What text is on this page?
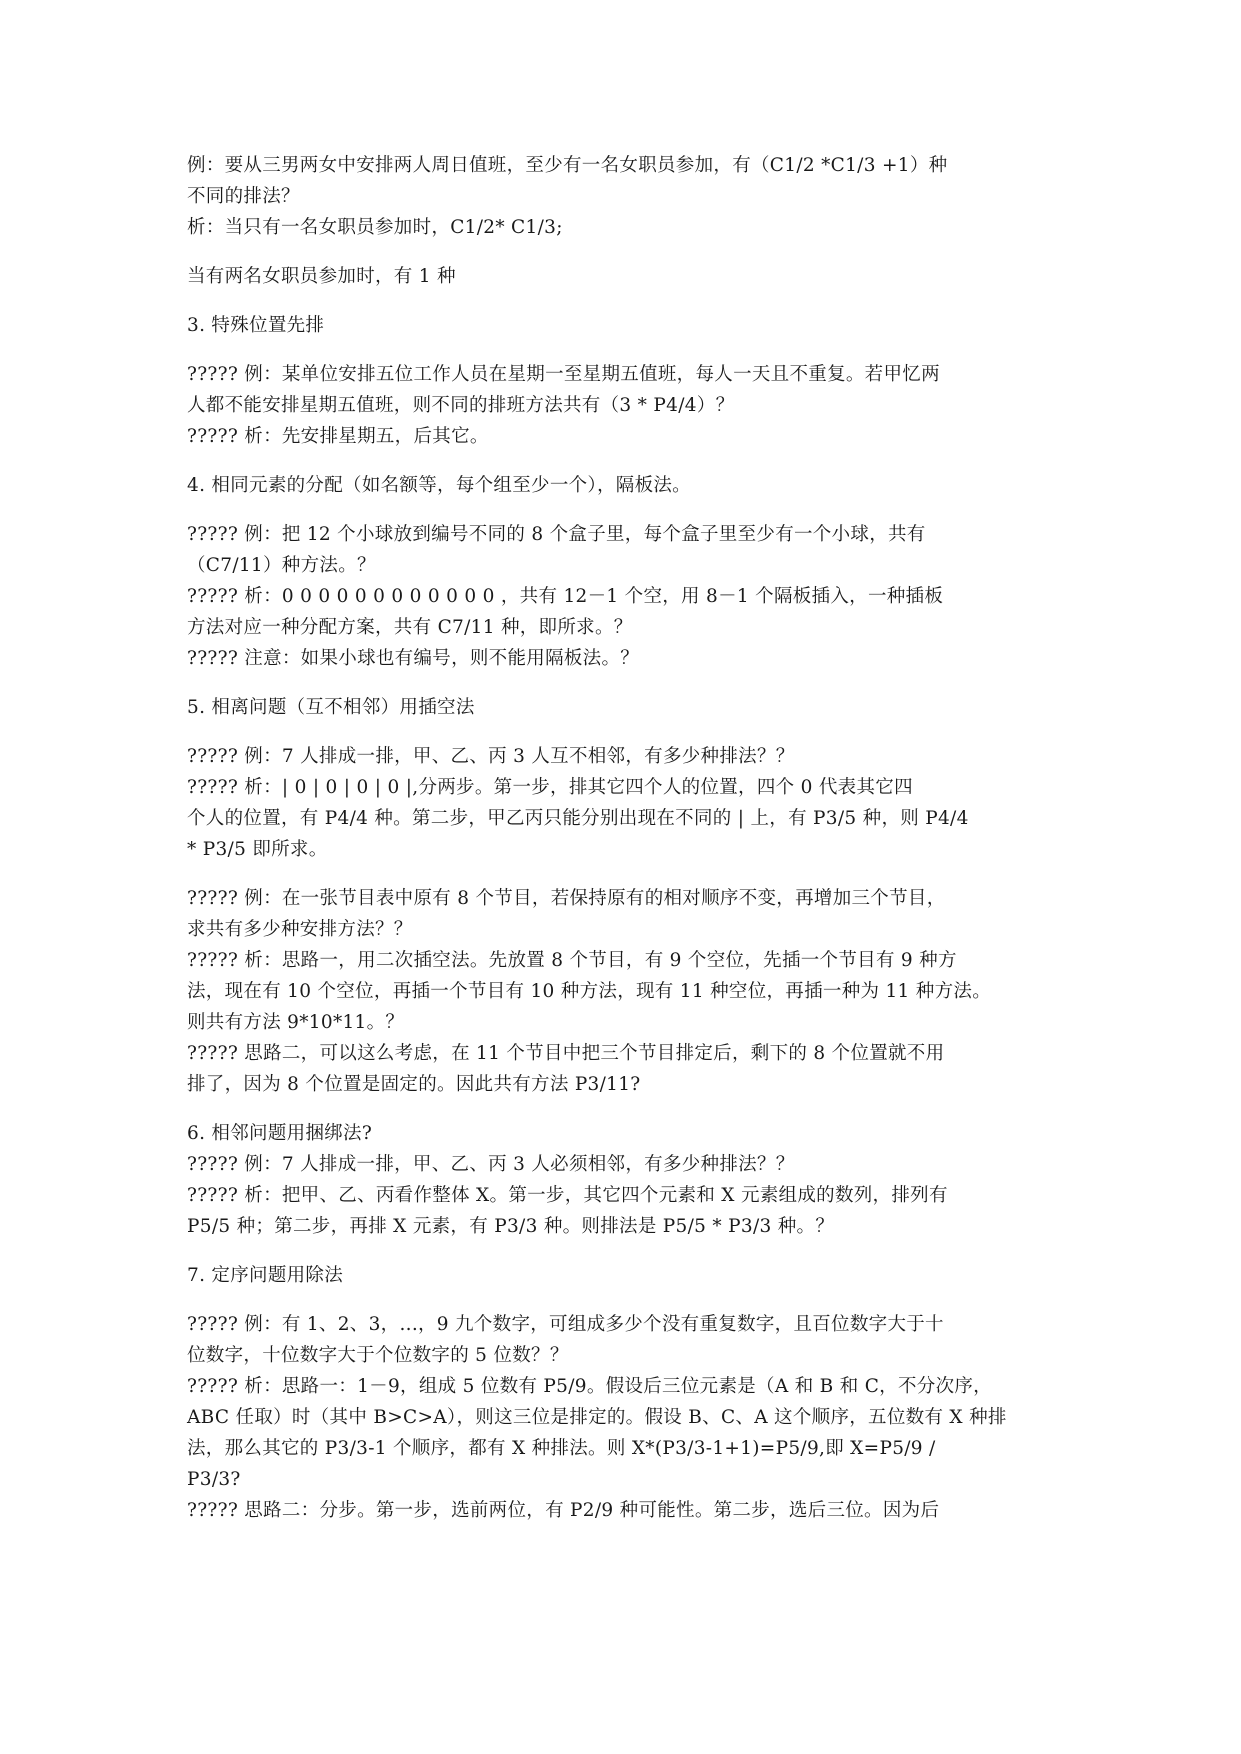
例：要从三男两女中安排两人周日值班，至少有一名女职员参加，有（C1/2 *C1/3 +1）种
不同的排法？
析：当只有一名女职员参加时，C1/2* C1/3;
当有两名女职员参加时，有 1 种
3. 特殊位置先排
????? 例：某单位安排五位工作人员在星期一至星期五值班，每人一天且不重复。若甲忆两
人都不能安排星期五值班，则不同的排班方法共有（3 * P4/4）？
????? 析：先安排星期五，后其它。
4. 相同元素的分配（如名额等，每个组至少一个），隔板法。
????? 例：把 12 个小球放到编号不同的 8 个盒子里，每个盒子里至少有一个小球，共有
（C7/11）种方法。？
????? 析：0 0 0 0 0 0 0 0 0 0 0 0 ，共有 12－1 个空，用 8－1 个隔板插入，一种插板
方法对应一种分配方案，共有 C7/11 种，即所求。？
????? 注意：如果小球也有编号，则不能用隔板法。？
5. 相离问题（互不相邻）用插空法
????? 例：7 人排成一排，甲、乙、丙 3 人互不相邻，有多少种排法？？
????? 析：| 0 | 0 | 0 | 0 |,分两步。第一步，排其它四个人的位置，四个 0 代表其它四
个人的位置，有 P4/4 种。第二步，甲乙丙只能分别出现在不同的 | 上，有 P3/5 种，则 P4/4
* P3/5 即所求。
????? 例：在一张节目表中原有 8 个节目，若保持原有的相对顺序不变，再增加三个节目，
求共有多少种安排方法？？
????? 析：思路一，用二次插空法。先放置 8 个节目，有 9 个空位，先插一个节目有 9 种方
法，现在有 10 个空位，再插一个节目有 10 种方法，现有 11 种空位，再插一种为 11 种方法。
则共有方法 9*10*11。？
????? 思路二，可以这么考虑，在 11 个节目中把三个节目排定后，剩下的 8 个位置就不用
排了，因为 8 个位置是固定的。因此共有方法 P3/11?
6. 相邻问题用捆绑法?
????? 例：7 人排成一排，甲、乙、丙 3 人必须相邻，有多少种排法？？
????? 析：把甲、乙、丙看作整体 X。第一步，其它四个元素和 X 元素组成的数列，排列有
P5/5 种；第二步，再排 X 元素，有 P3/3 种。则排法是 P5/5 * P3/3 种。？
7. 定序问题用除法
????? 例：有 1、2、3，...，9 九个数字，可组成多少个没有重复数字，且百位数字大于十
位数字，十位数字大于个位数字的 5 位数？？
????? 析：思路一：1－9，组成 5 位数有 P5/9。假设后三位元素是（A 和 B 和 C，不分次序，
ABC 任取）时（其中 B>C>A），则这三位是排定的。假设 B、C、A 这个顺序，五位数有 X 种排
法，那么其它的 P3/3-1 个顺序，都有 X 种排法。则 X*(P3/3-1+1)=P5/9,即 X=P5/9 /
P3/3?
????? 思路二：分步。第一步，选前两位，有 P2/9 种可能性。第二步，选后三位。因为后
